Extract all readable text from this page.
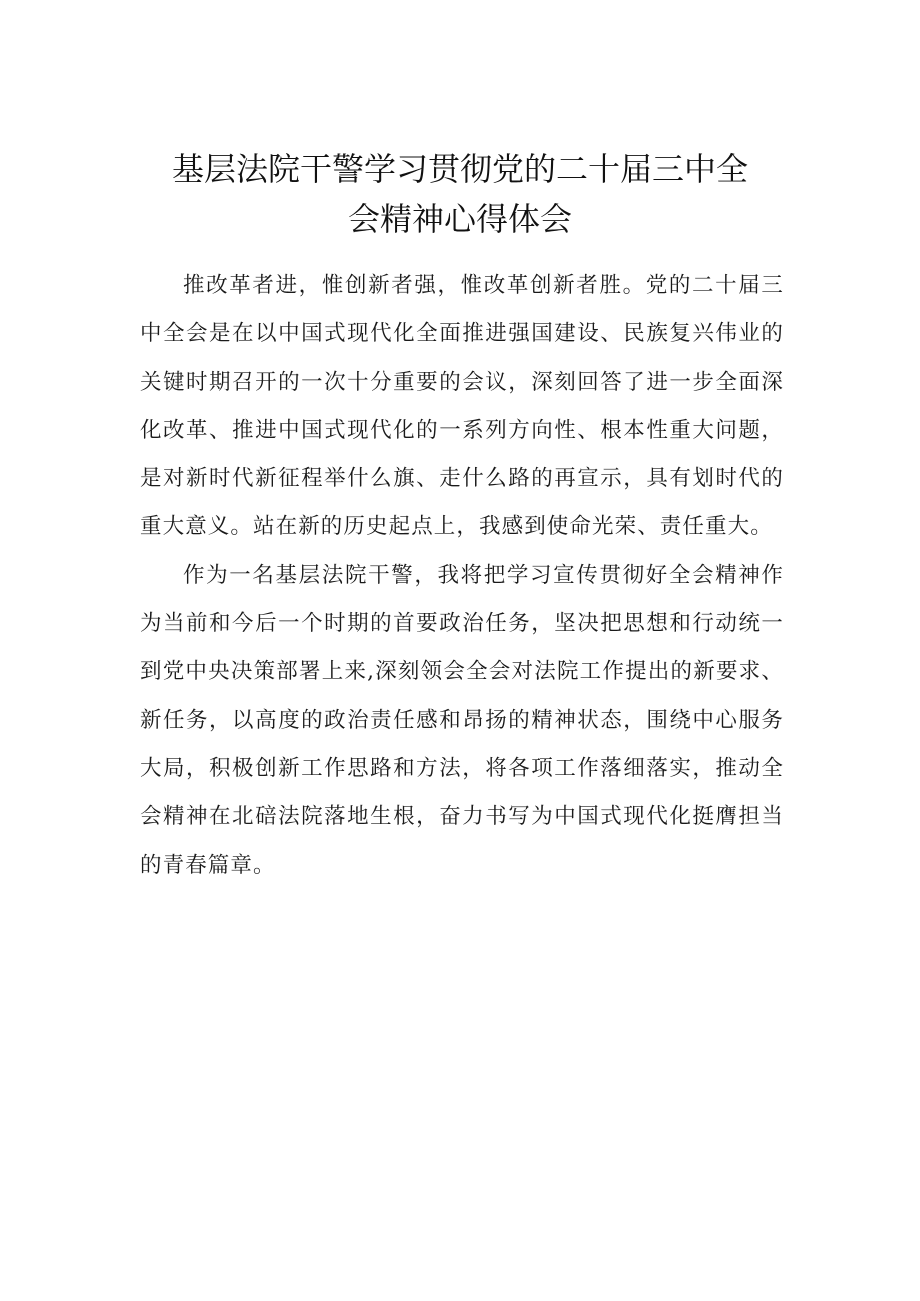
基层法院干警学习贯彻党的二十届三中全
会精神心得体会

推改革者进，惟创新者强，惟改革创新者胜。党的二十届三中全会是在以中国式现代化全面推进强国建设、民族复兴伟业的关键时期召开的一次十分重要的会议，深刻回答了进一步全面深化改革、推进中国式现代化的一系列方向性、根本性重大问题，是对新时代新征程举什么旗、走什么路的再宣示，具有划时代的重大意义。站在新的历史起点上，我感到使命光荣、责任重大。

作为一名基层法院干警，我将把学习宣传贯彻好全会精神作为当前和今后一个时期的首要政治任务，坚决把思想和行动统一到党中央决策部署上来,深刻领会全会对法院工作提出的新要求、新任务，以高度的政治责任感和昂扬的精神状态，围绕中心服务大局，积极创新工作思路和方法，将各项工作落细落实，推动全会精神在北碚法院落地生根，奋力书写为中国式现代化挺膺担当的青春篇章。
